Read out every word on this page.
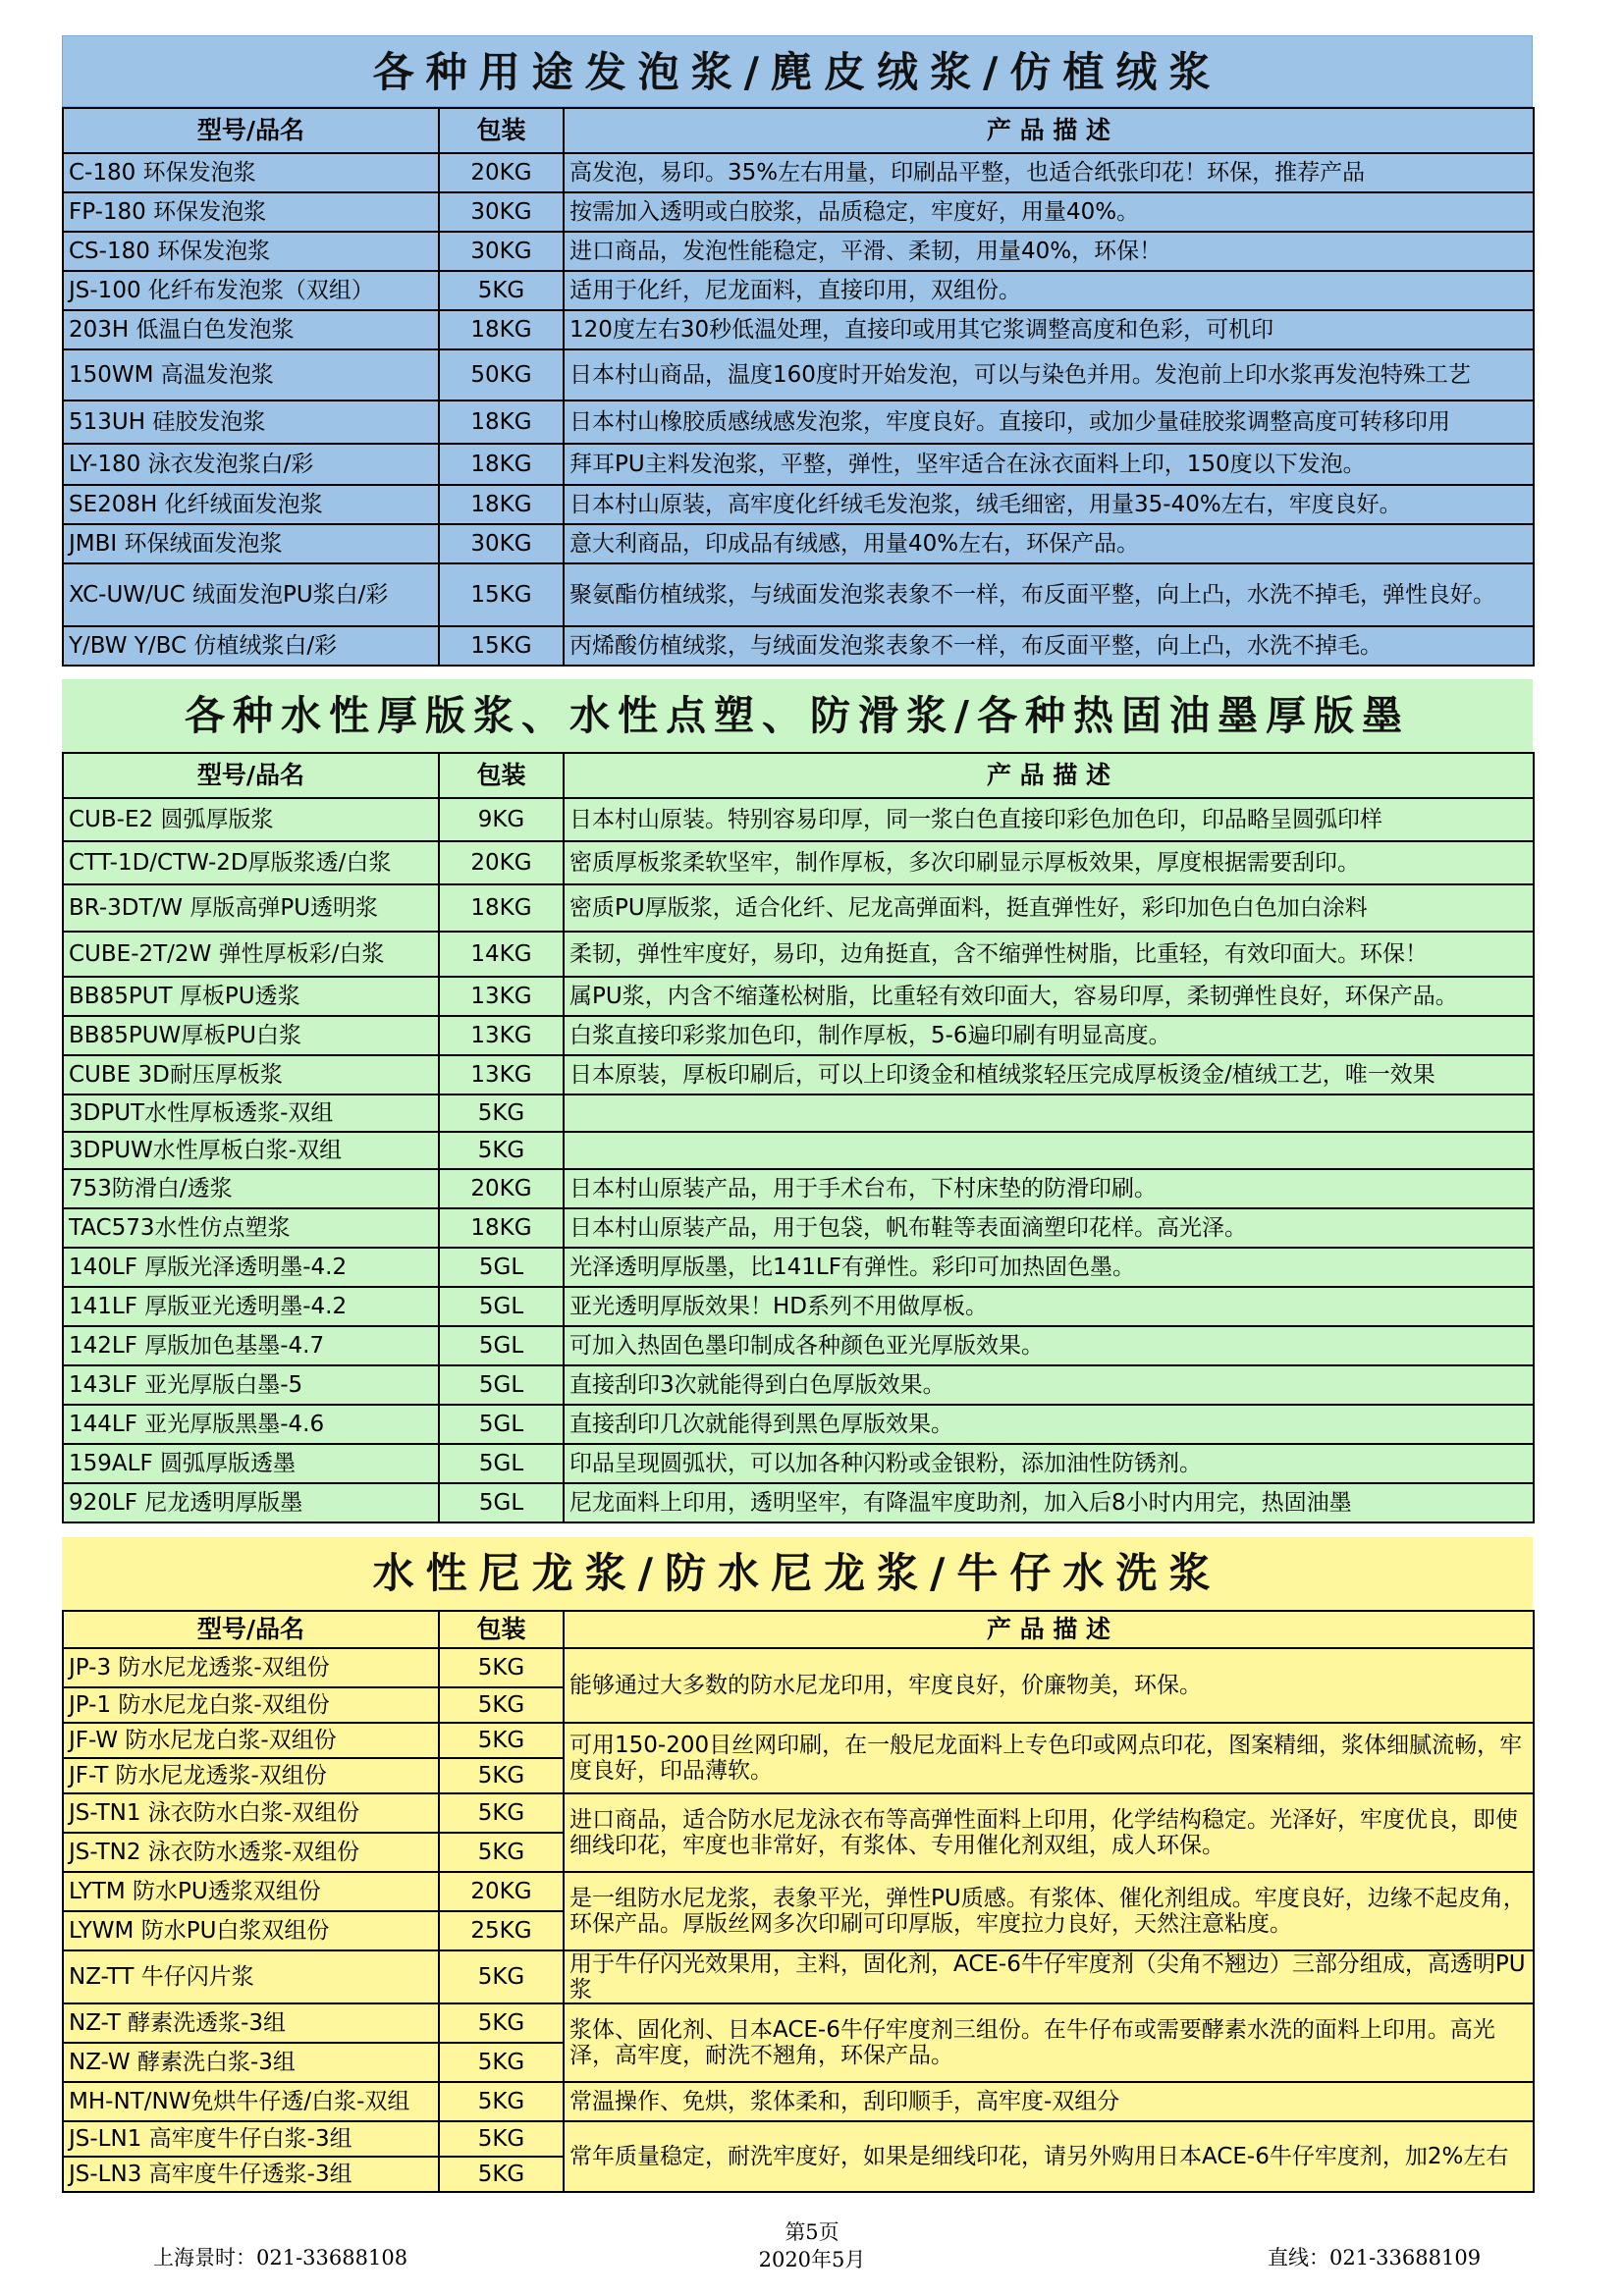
各种用途发泡浆/麂皮绒浆/仿植绒浆
型号/品名	包装	产 品 描 述
C-180 环保发泡浆	20KG	高发泡，易印。35%左右用量，印刷品平整，也适合纸张印花！环保，推荐产品
FP-180 环保发泡浆	30KG	按需加入透明或白胶浆，品质稳定，牢度好，用量40%。
CS-180 环保发泡浆	30KG	进口商品，发泡性能稳定，平滑、柔韧，用量40%，环保！
JS-100 化纤布发泡浆（双组）	5KG	适用于化纤，尼龙面料，直接印用，双组份。
203H 低温白色发泡浆	18KG	120度左右30秒低温处理，直接印或用其它浆调整高度和色彩，可机印
150WM 高温发泡浆	50KG	日本村山商品，温度160度时开始发泡，可以与染色并用。发泡前上印水浆再发泡特殊工艺
513UH 硅胶发泡浆	18KG	日本村山橡胶质感绒感发泡浆，牢度良好。直接印，或加少量硅胶浆调整高度可转移印用
LY-180 泳衣发泡浆白/彩	18KG	拜耳PU主料发泡浆，平整，弹性，坚牢适合在泳衣面料上印，150度以下发泡。
SE208H 化纤绒面发泡浆	18KG	日本村山原装，高牢度化纤绒毛发泡浆，绒毛细密，用量35-40%左右，牢度良好。
JMBI 环保绒面发泡浆	30KG	意大利商品，印成品有绒感，用量40%左右，环保产品。
XC-UW/UC 绒面发泡PU浆白/彩	15KG	聚氨酯仿植绒浆，与绒面发泡浆表象不一样，布反面平整，向上凸，水洗不掉毛，弹性良好。
Y/BW Y/BC 仿植绒浆白/彩	15KG	丙烯酸仿植绒浆，与绒面发泡浆表象不一样，布反面平整，向上凸，水洗不掉毛。
各种水性厚版浆、水性点塑、防滑浆/各种热固油墨厚版墨
型号/品名	包装	产 品 描 述
CUB-E2 圆弧厚版浆	9KG	日本村山原装。特别容易印厚，同一浆白色直接印彩色加色印，印品略呈圆弧印样
CTT-1D/CTW-2D厚版浆透/白浆	20KG	密质厚板浆柔软坚牢，制作厚板，多次印刷显示厚板效果，厚度根据需要刮印。
BR-3DT/W 厚版高弹PU透明浆	18KG	密质PU厚版浆，适合化纤、尼龙高弹面料，挺直弹性好，彩印加色白色加白涂料
CUBE-2T/2W 弹性厚板彩/白浆	14KG	柔韧，弹性牢度好，易印，边角挺直，含不缩弹性树脂，比重轻，有效印面大。环保！
BB85PUT 厚板PU透浆	13KG	属PU浆，内含不缩蓬松树脂，比重轻有效印面大，容易印厚，柔韧弹性良好，环保产品。
BB85PUW厚板PU白浆	13KG	白浆直接印彩浆加色印，制作厚板，5-6遍印刷有明显高度。
CUBE 3D耐压厚板浆	13KG	日本原装，厚板印刷后，可以上印烫金和植绒浆轻压完成厚板烫金/植绒工艺，唯一效果
3DPUT水性厚板透浆-双组	5KG	
3DPUW水性厚板白浆-双组	5KG	
753防滑白/透浆	20KG	日本村山原装产品，用于手术台布，下村床垫的防滑印刷。
TAC573水性仿点塑浆	18KG	日本村山原装产品，用于包袋，帆布鞋等表面滴塑印花样。高光泽。
140LF 厚版光泽透明墨-4.2	5GL	光泽透明厚版墨，比141LF有弹性。彩印可加热固色墨。
141LF 厚版亚光透明墨-4.2	5GL	亚光透明厚版效果！HD系列不用做厚板。
142LF 厚版加色基墨-4.7	5GL	可加入热固色墨印制成各种颜色亚光厚版效果。
143LF 亚光厚版白墨-5	5GL	直接刮印3次就能得到白色厚版效果。
144LF 亚光厚版黑墨-4.6	5GL	直接刮印几次就能得到黑色厚版效果。
159ALF 圆弧厚版透墨	5GL	印品呈现圆弧状，可以加各种闪粉或金银粉，添加油性防锈剂。
920LF 尼龙透明厚版墨	5GL	尼龙面料上印用，透明坚牢，有降温牢度助剂，加入后8小时内用完，热固油墨
水性尼龙浆/防水尼龙浆/牛仔水洗浆
型号/品名	包装	产 品 描 述
JP-3 防水尼龙透浆-双组份	5KG	能够通过大多数的防水尼龙印用，牢度良好，价廉物美，环保。
JP-1 防水尼龙白浆-双组份	5KG	
JF-W 防水尼龙白浆-双组份	5KG	可用150-200目丝网印刷，在一般尼龙面料上专色印或网点印花，图案精细，浆体细腻流畅，牢度良好，印品薄软。
JF-T 防水尼龙透浆-双组份	5KG	
JS-TN1 泳衣防水白浆-双组份	5KG	进口商品，适合防水尼龙泳衣布等高弹性面料上印用，化学结构稳定。光泽好，牢度优良，即使细线印花，牢度也非常好，有浆体、专用催化剂双组，成人环保。
JS-TN2 泳衣防水透浆-双组份	5KG	
LYTM 防水PU透浆双组份	20KG	是一组防水尼龙浆，表象平光，弹性PU质感。有浆体、催化剂组成。牢度良好，边缘不起皮角，环保产品。厚版丝网多次印刷可印厚版，牢度拉力良好，天然注意粘度。
LYWM 防水PU白浆双组份	25KG	
NZ-TT 牛仔闪片浆	5KG	用于牛仔闪光效果用，主料，固化剂，ACE-6牛仔牢度剂（尖角不翘边）三部分组成，高透明PU浆
NZ-T 酵素洗透浆-3组	5KG	浆体、固化剂、日本ACE-6牛仔牢度剂三组份。在牛仔布或需要酵素水洗的面料上印用。高光泽，高牢度，耐洗不翘角，环保产品。
NZ-W 酵素洗白浆-3组	5KG	
MH-NT/NW免烘牛仔透/白浆-双组	5KG	常温操作、免烘，浆体柔和，刮印顺手，高牢度-双组分
JS-LN1 高牢度牛仔白浆-3组	5KG	常年质量稳定，耐洗牢度好，如果是细线印花，请另外购用日本ACE-6牛仔牢度剂，加2%左右
JS-LN3 高牢度牛仔透浆-3组	5KG	
上海景时：021-33688108
第5页
2020年5月	直线：021-33688109
